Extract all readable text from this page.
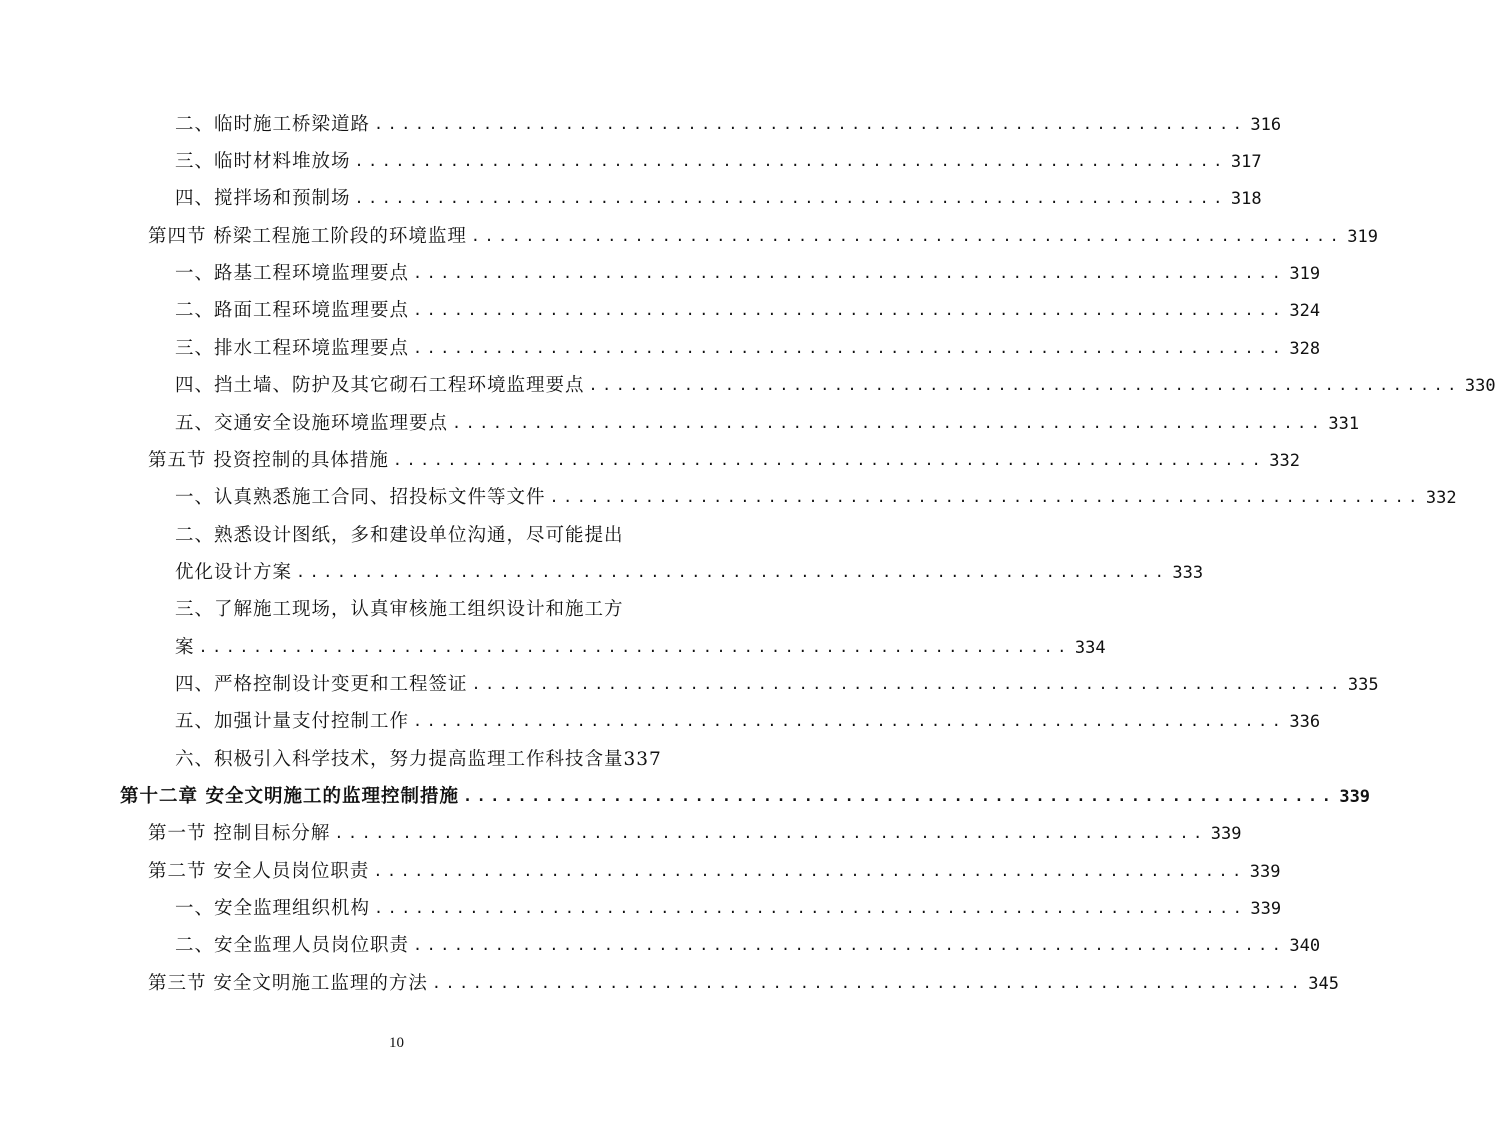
二、临时施工桥梁道路 ................................................................ 316
三、临时材料堆放场 ................................................................ 317
四、搅拌场和预制场 ................................................................ 318
第四节 桥梁工程施工阶段的环境监理 ................................................................ 319
一、路基工程环境监理要点 ................................................................ 319
二、路面工程环境监理要点 ................................................................ 324
三、排水工程环境监理要点 ................................................................ 328
四、挡土墙、防护及其它砌石工程环境监理要点 ................................................................ 330
五、交通安全设施环境监理要点 ................................................................ 331
第五节 投资控制的具体措施 ................................................................ 332
一、认真熟悉施工合同、招投标文件等文件 ................................................................ 332
二、熟悉设计图纸，多和建设单位沟通，尽可能提出
优化设计方案 ................................................................ 333
三、了解施工现场，认真审核施工组织设计和施工方
案 ................................................................ 334
四、严格控制设计变更和工程签证 ................................................................ 335
五、加强计量支付控制工作 ................................................................ 336
六、积极引入科学技术，努力提高监理工作科技含量337
第十二章 安全文明施工的监理控制措施 ................................................................ 339
第一节 控制目标分解 ................................................................ 339
第二节 安全人员岗位职责 ................................................................ 339
一、安全监理组织机构 ................................................................ 339
二、安全监理人员岗位职责 ................................................................ 340
第三节 安全文明施工监理的方法 ................................................................ 345
10
